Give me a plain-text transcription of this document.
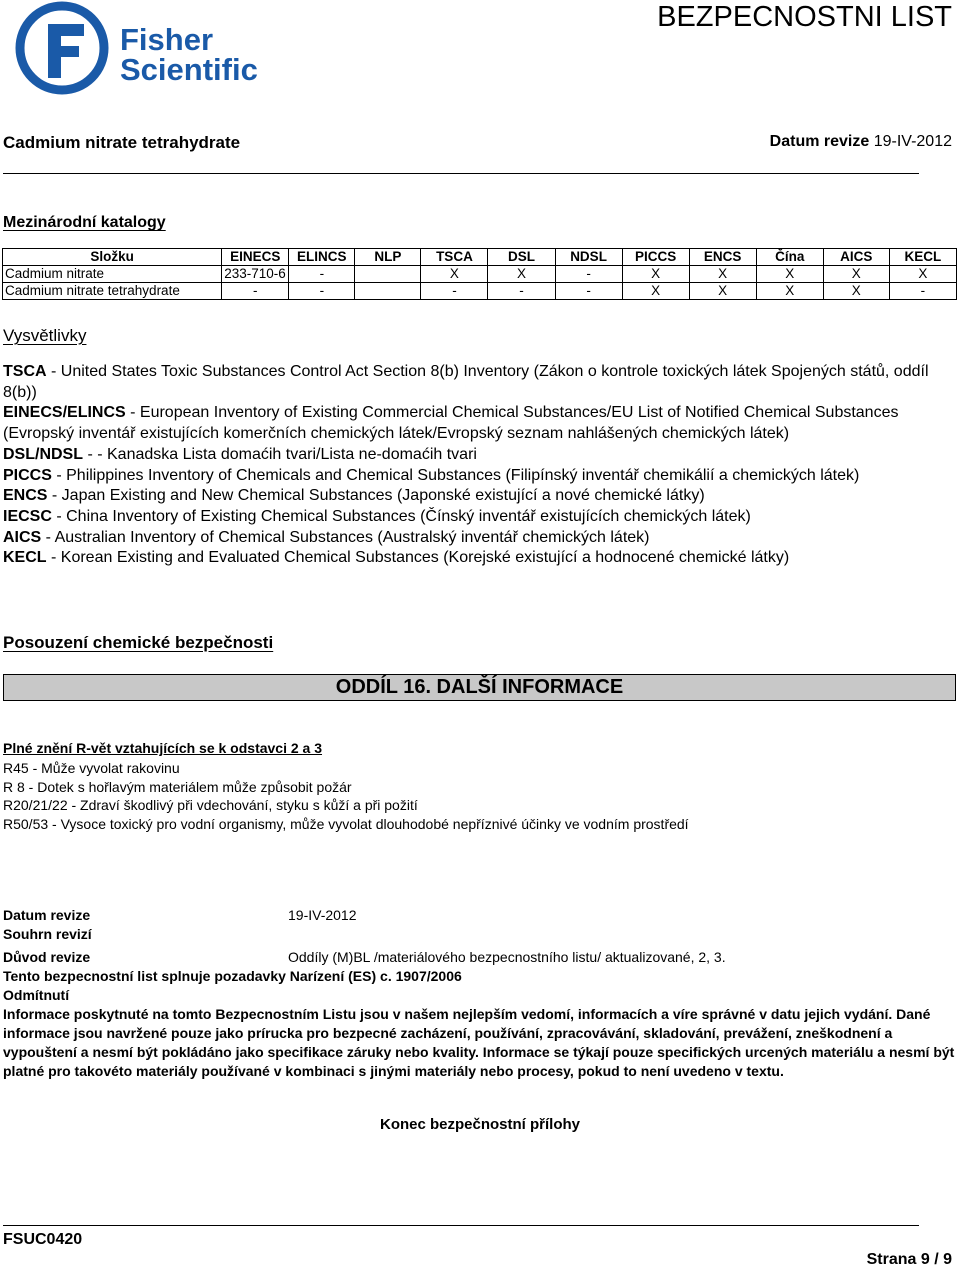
Fisher
Scientific
BEZPECNOSTNI LIST
Cadmium nitrate tetrahydrate	Datum revize 19-IV-2012
Mezinárodní katalogy
Složku	EINECS	ELINCS	NLP	TSCA	DSL	NDSL	PICCS	ENCS	Čína	AICS	KECL
Cadmium nitrate	233-710-6	-		X	X	-	X	X	X	X	X
Cadmium nitrate tetrahydrate	-	-		-	-	-	X	X	X	X	-
Vysvětlivky

TSCA - United States Toxic Substances Control Act Section 8(b) Inventory (Zákon o kontrole toxických látek Spojených států, oddíl 8(b))

EINECS/ELINCS - European Inventory of Existing Commercial Chemical Substances/EU List of Notified Chemical Substances (Evropský inventář existujících komerčních chemických látek/Evropský seznam nahlášených chemických látek)

DSL/NDSL - - Kanadska Lista domaćih tvari/Lista ne-domaćih tvari

PICCS - Philippines Inventory of Chemicals and Chemical Substances (Filipínský inventář chemikálií a chemických látek)

ENCS - Japan Existing and New Chemical Substances (Japonské existující a nové chemické látky)

IECSC - China Inventory of Existing Chemical Substances (Čínský inventář existujících chemických látek)

AICS - Australian Inventory of Chemical Substances (Australský inventář chemických látek)

KECL - Korean Existing and Evaluated Chemical Substances (Korejské existující a hodnocené chemické látky)

Posouzení chemické bezpečnosti
ODDÍL 16. DALŠÍ INFORMACE
Plné znění R-vět vztahujících se k odstavci 2 a 3
R45 - Může vyvolat rakovinu
R 8 - Dotek s hořlavým materiálem může způsobit požár
R20/21/22 - Zdraví škodlivý při vdechování, styku s kůží a při požití
R50/53 - Vysoce toxický pro vodní organismy, může vyvolat dlouhodobé nepříznivé účinky ve vodním prostředí
Datum revize	19-IV-2012
Souhrn revizí
Důvod revize	Oddíly (M)BL /materiálového bezpecnostního listu/ aktualizované, 2, 3.
Tento bezpecnostní list splnuje pozadavky Narízení (ES) c. 1907/2006
Odmítnutí
Informace poskytnuté na tomto Bezpecnostním Listu jsou v našem nejlepším vedomí, informacích a víre správné v datu jejich vydání. Dané informace jsou navržené pouze jako prírucka pro bezpecné zacházení, používání, zpracovávání, skladování, prevážení, zneškodnení a vypouštení a nesmí být pokládáno jako specifikace záruky nebo kvality. Informace se týkají pouze specifických urcených materiálu a nesmí být platné pro takovéto materiály používané v kombinaci s jinými materiály nebo procesy, pokud to není uvedeno v textu.
Konec bezpečnostní přílohy
FSUC0420
Strana 9 / 9
